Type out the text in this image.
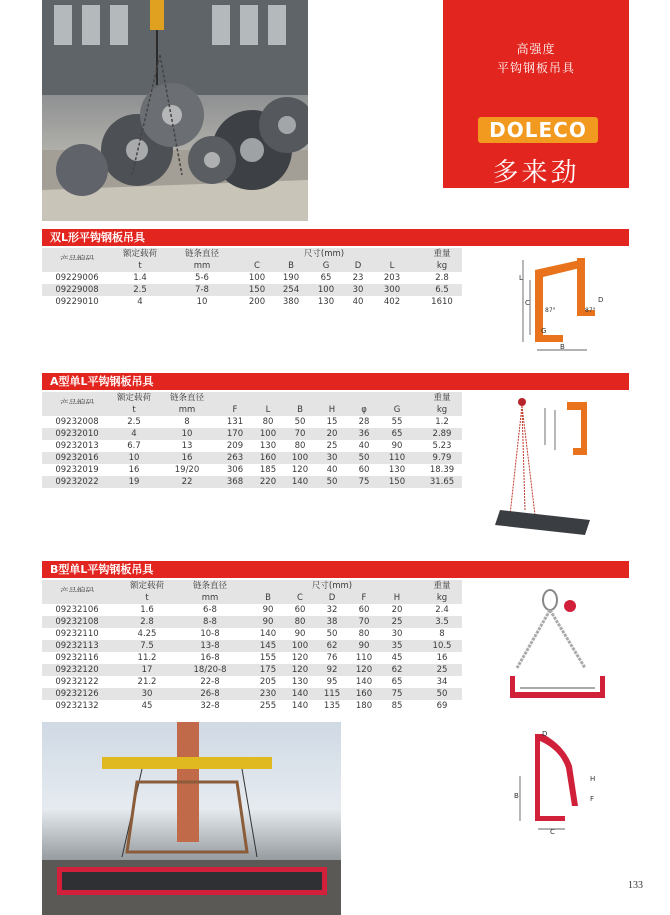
高强度
平钩钢板吊具
DOLECO
多来劲
双L形平钩钢板吊具
额定载荷	链条直径	尺寸(mm)	重量
t	mm	C	B	G	D	L	kg
09229006	1.4	5-6	100 190	65 23 203	2.8
09229008	2.5	7-8	150 254 100 30 300	6.5
09229010	4	10	200 380 130 40 402	1610
A型单L平钩钢板吊具
额定载荷 链条直径	重量
t	mm	F	L	B	H	φ	G	kg
09232008	2.5	8	131 80 50 15 28	55	1.2
09232010	4	10	170 100 70 20 36	65	2.89
09232013	6.7	13	209 130 80 25 40	90	5.23
09232016	10	16	263 160 100 30 50 110	9.79
09232019	16	19/20	306 185 120 40 60 130	18.39
09232022	19	22	368 220 140 50 75 150	31.65
B型单L平钩钢板吊具
额定载荷	链条直径	尺寸(mm)	重量
t	mm	B	C	D	F	H	kg
09232106	1.6	6-8	90 60 32 60	20	2.4
09232108	2.8	8-8	90 80 38 70	25	3.5
09232110	4.25	10-8	140 90 50 80	30	8
09232113	7.5	13-8	145 100 62 90	35	10.5
09232116	11.2	16-8	155 120 76 110 45	16
09232120	17	18/20-8	175 120 92 120 62	25
09232122	21.2	22-8	205 130 95 140 65	34
09232126	30	26-8	230 140 115 160 75	50
09232132	45	32-8	255 140 135 180 85	69
L
C	D
G
B
87°	87°
D
B
C
H
F
133
